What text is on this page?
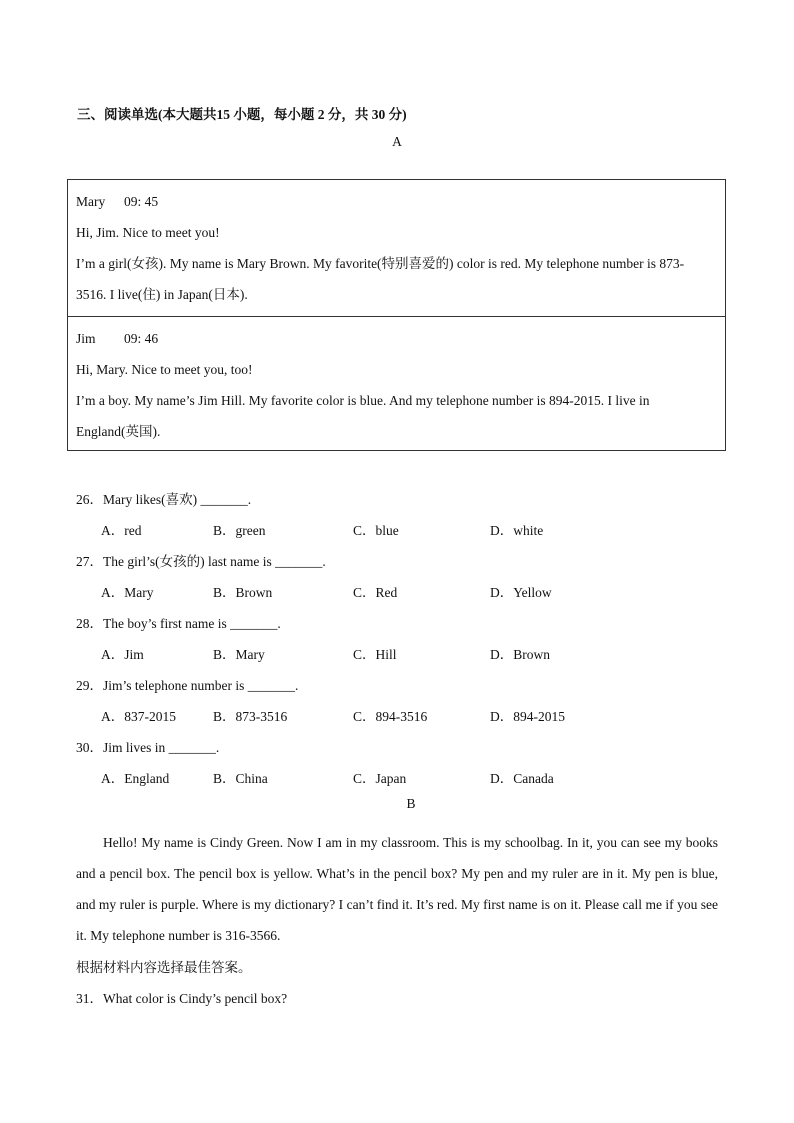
三、阅读单选(本大题共15 小题，每小题 2 分，共 30 分)
A
Mary	09: 45
Hi, Jim. Nice to meet you!
I’m a girl(女孩). My name is Mary Brown. My favorite(特别喜爱的) color is red. My telephone number is 873-3516. I live(住) in Japan(日本).
Jim	09: 46
Hi, Mary. Nice to meet you, too!
I’m a boy. My name’s Jim Hill. My favorite color is blue. And my telephone number is 894-2015. I live in England(英国).
26．Mary likes(喜欢) _______.
A．red	B．green	C．blue	D．white
27．The girl’s(女孩的) last name is _______.
A．Mary	B．Brown	C．Red	D．Yellow
28．The boy’s first name is _______.
A．Jim	B．Mary	C．Hill	D．Brown
29．Jim’s telephone number is _______.
A．837-2015	B．873-3516	C．894-3516	D．894-2015
30．Jim lives in _______.
A．England	B．China	C．Japan	D．Canada
B
Hello! My name is Cindy Green. Now I am in my classroom. This is my schoolbag. In it, you can see my books and a pencil box. The pencil box is yellow. What’s in the pencil box? My pen and my ruler are in it. My pen is blue, and my ruler is purple. Where is my dictionary? I can’t find it. It’s red. My first name is on it. Please call me if you see it. My telephone number is 316-3566.
根据材料内容选择最佳答案。
31．What color is Cindy’s pencil box?
